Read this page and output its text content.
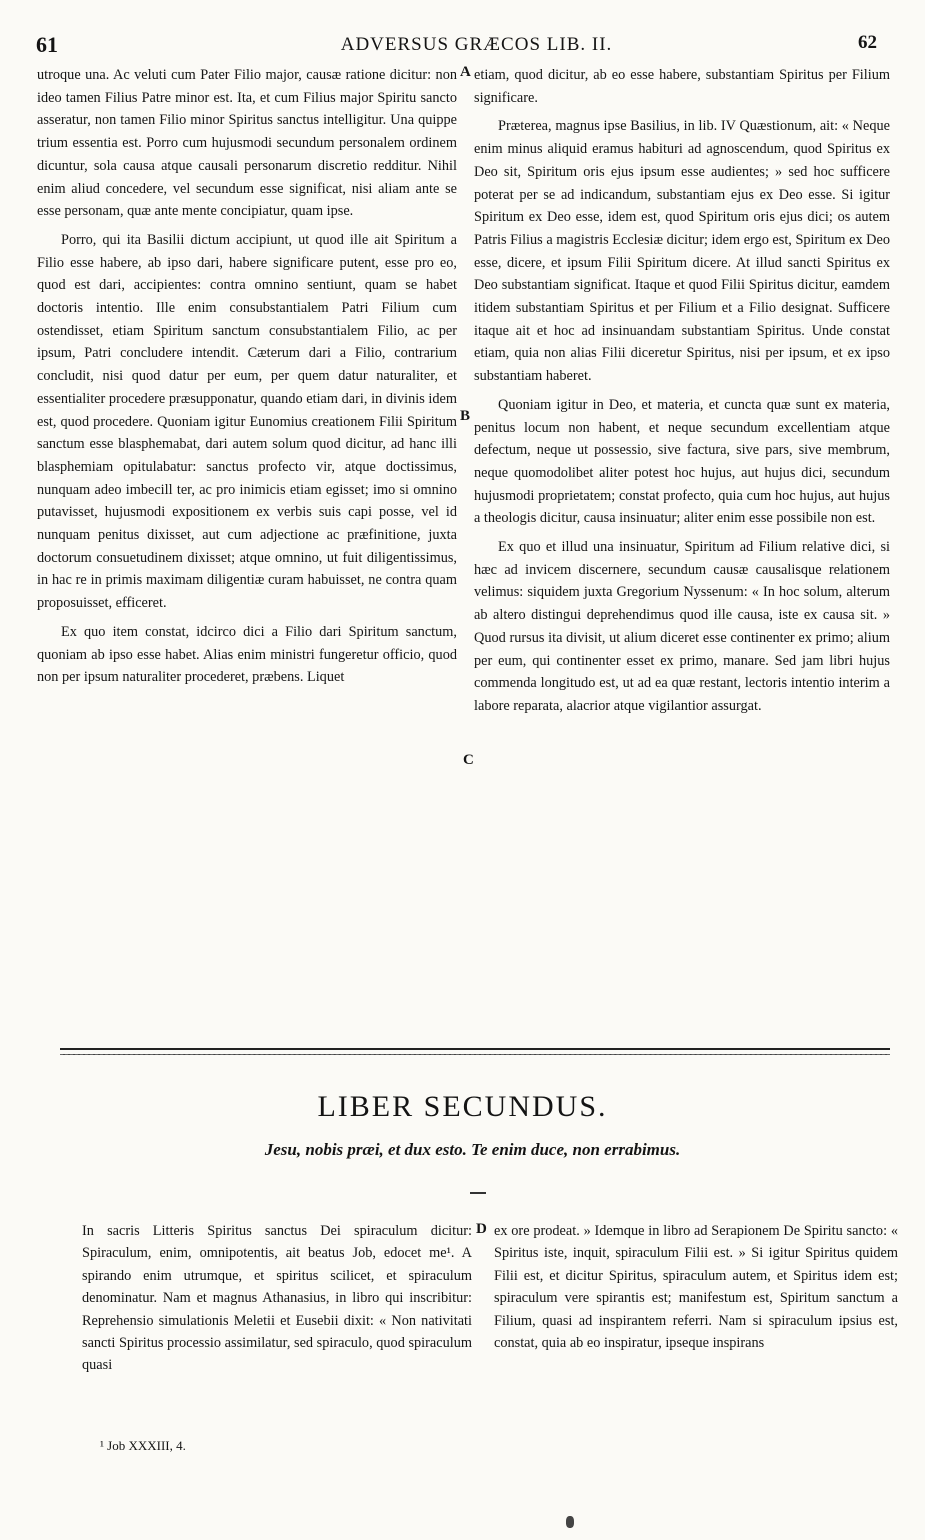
61	ADVERSUS GRÆCOS LIB. II.	62

utroque una. Ac veluti cum Pater Filio major, causæ ratione dicitur: non ideo tamen Filius Patre minor est. Ita, et cum Filius major Spiritu sancto asseratur, non tamen Filio minor Spiritus sanctus intelligitur. Una quippe trium essentia est. Porro cum hujusmodi secundum personalem ordinem dicuntur, sola causa atque causali personarum discretio redditur. Nihil enim aliud concedere, vel secundum esse significat, nisi aliam ante se esse personam, quæ ante mente concipiatur, quam ipse.

Porro, qui ita Basilii dictum accipiunt, ut quod ille ait Spiritum a Filio esse habere, ab ipso dari, habere significare putent, esse pro eo, quod est dari, accipientes: contra omnino sentiunt, quam se habet doctoris intentio. Ille enim consubstantialem Patri Filium cum ostendisset, etiam Spiritum sanctum consubstantialem Filio, ac per ipsum, Patri concludere intendit. Cæterum dari a Filio, contrarium concludit, nisi quod datur per eum, per quem datur naturaliter, et essentialiter procedere præsupponatur, quando etiam dari, in divinis idem est, quod procedere. Quoniam igitur Eunomius creationem Filii Spiritum sanctum esse blasphemabat, dari autem solum quod dicitur, ad hanc illi blasphemiam opitulabatur: sanctus profecto vir, atque doctissimus, nunquam adeo imbecill ter, ac pro inimicis etiam egisset; imo si omnino putavisset, hujusmodi expositionem ex verbis suis capi posse, vel id nunquam penitus dixisset, aut cum adjectione ac præfinitione, juxta doctorum consuetudinem dixisset; atque omnino, ut fuit diligentissimus, in hac re in primis maximam diligentiæ curam habuisset, ne contra quam proposuisset, efficeret.

Ex quo item constat, idcirco dici a Filio dari Spiritum sanctum, quoniam ab ipso esse habet. Alias enim ministri fungeretur officio, quod non per ipsum naturaliter procederet, præbens. Liquet

etiam, quod dicitur, ab eo esse habere, substantiam Spiritus per Filium significare.

Præterea, magnus ipse Basilius, in lib. IV Quæstionum, ait: « Neque enim minus aliquid eramus habituri ad agnoscendum, quod Spiritus ex Deo sit, Spiritum oris ejus ipsum esse audientes; » sed hoc sufficere poterat per se ad indicandum, substantiam ejus ex Deo esse. Si igitur Spiritum ex Deo esse, idem est, quod Spiritum oris ejus dici; os autem Patris Filius a magistris Ecclesiæ dicitur; idem ergo est, Spiritum ex Deo esse, dicere, et ipsum Filii Spiritum dicere. At illud sancti Spiritus ex Deo substantiam significat. Itaque et quod Filii Spiritus dicitur, eamdem itidem substantiam Spiritus et per Filium et a Filio designat. Sufficere itaque ait et hoc ad insinuandam substantiam Spiritus. Unde constat etiam, quia non alias Filii diceretur Spiritus, nisi per ipsum, et ex ipso substantiam haberet.

Quoniam igitur in Deo, et materia, et cuncta quæ sunt ex materia, penitus locum non habent, et neque secundum excellentiam atque defectum, neque ut possessio, sive factura, sive pars, sive membrum, neque quomodolibet aliter potest hoc hujus, aut hujus dici, secundum hujusmodi proprietatem; constat profecto, quia cum hoc hujus, aut hujus a theologis dicitur, causa insinuatur; aliter enim esse possibile non est.

Ex quo et illud una insinuatur, Spiritum ad Filium relative dici, si hæc ad invicem discernere, secundum causæ causalisque relationem velimus: siquidem juxta Gregorium Nyssenum: « In hoc solum, alterum ab altero distingui deprehendimus quod ille causa, iste ex causa sit. » Quod rursus ita divisit, ut alium diceret esse continenter ex primo; alium per eum, qui continenter esset ex primo, manare. Sed jam libri hujus commenda longitudo est, ut ad ea quæ restant, lectoris intentio interim a labore reparata, alacrior atque vigilantior assurgat.

A
B
C
D
LIBER SECUNDUS.
Jesu, nobis præi, et dux esto. Te enim duce, non errabimus.

In sacris Litteris Spiritus sanctus Dei spiraculum dicitur: Spiraculum, enim, omnipotentis, ait beatus Job, edocet me¹. A spirando enim utrumque, et spiritus scilicet, et spiraculum denominatur. Nam et magnus Athanasius, in libro qui inscribitur: Reprehensio simulationis Meletii et Eusebii dixit: « Non nativitati sancti Spiritus processio assimilatur, sed spiraculo, quod spiraculum quasi

ex ore prodeat. » Idemque in libro ad Serapionem De Spiritu sancto: « Spiritus iste, inquit, spiraculum Filii est. » Si igitur Spiritus quidem Filii est, et dicitur Spiritus, spiraculum autem, et Spiritus idem est; spiraculum vere spirantis est; manifestum est, Spiritum sanctum a Filium, quasi ad inspirantem referri. Nam si spiraculum ipsius est, constat, quia ab eo inspiratur, ipseque inspirans

¹ Job XXXIII, 4.
